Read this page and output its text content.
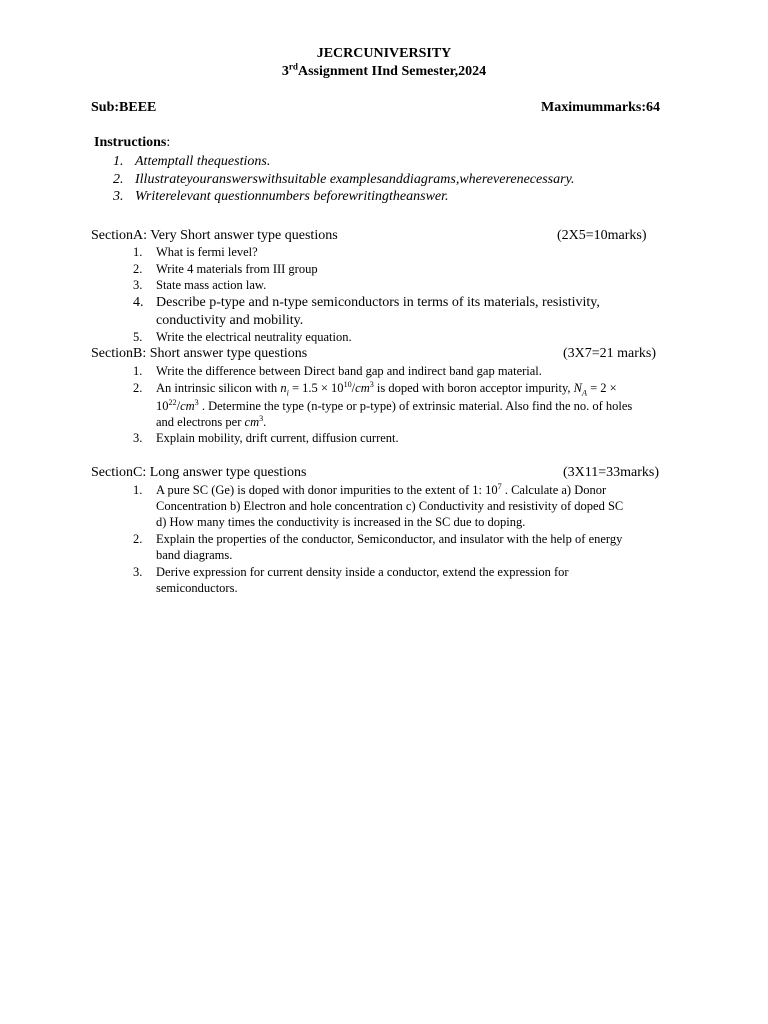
JECRCUNIVERSITY
3rdAssignment IInd Semester,2024
Sub:BEEE	Maximummarks:64
Instructions:
1. Attemptall thequestions.
2. Illustrateyouranswerswithsuitable examplesanddiagrams,whereverenecessary.
3. Writerelevant questionnumbers beforewritingtheanswer.
SectionA: Very Short answer type questions	(2X5=10marks)
1. What is fermi level?
2. Write 4 materials from III group
3. State mass action law.
4. Describe p-type and n-type semiconductors in terms of its materials, resistivity,
conductivity and mobility.
5. Write the electrical neutrality equation.
SectionB: Short answer type questions	(3X7=21 marks)
1. Write the difference between Direct band gap and indirect band gap material.
2. An intrinsic silicon with $n_i = 1.5 \times 10^{10}/cm^3$ is doped with boron acceptor impurity, $N_A = 2$ ×
$10^{22}/cm^3$ . Determine the type (n-type or p-type) of extrinsic material. Also find the no. of holes
and electrons per $cm^3$.
3. Explain mobility, drift current, diffusion current.
SectionC: Long answer type questions	(3X11=33marks)
1. A pure SC (Ge) is doped with donor impurities to the extent of 1: $10^7$ . Calculate a) Donor
Concentration b) Electron and hole concentration c) Conductivity and resistivity of doped SC
d) How many times the conductivity is increased in the SC due to doping.
2. Explain the properties of the conductor, Semiconductor, and insulator with the help of energy
band diagrams.
3. Derive expression for current density inside a conductor, extend the expression for
semiconductors.
